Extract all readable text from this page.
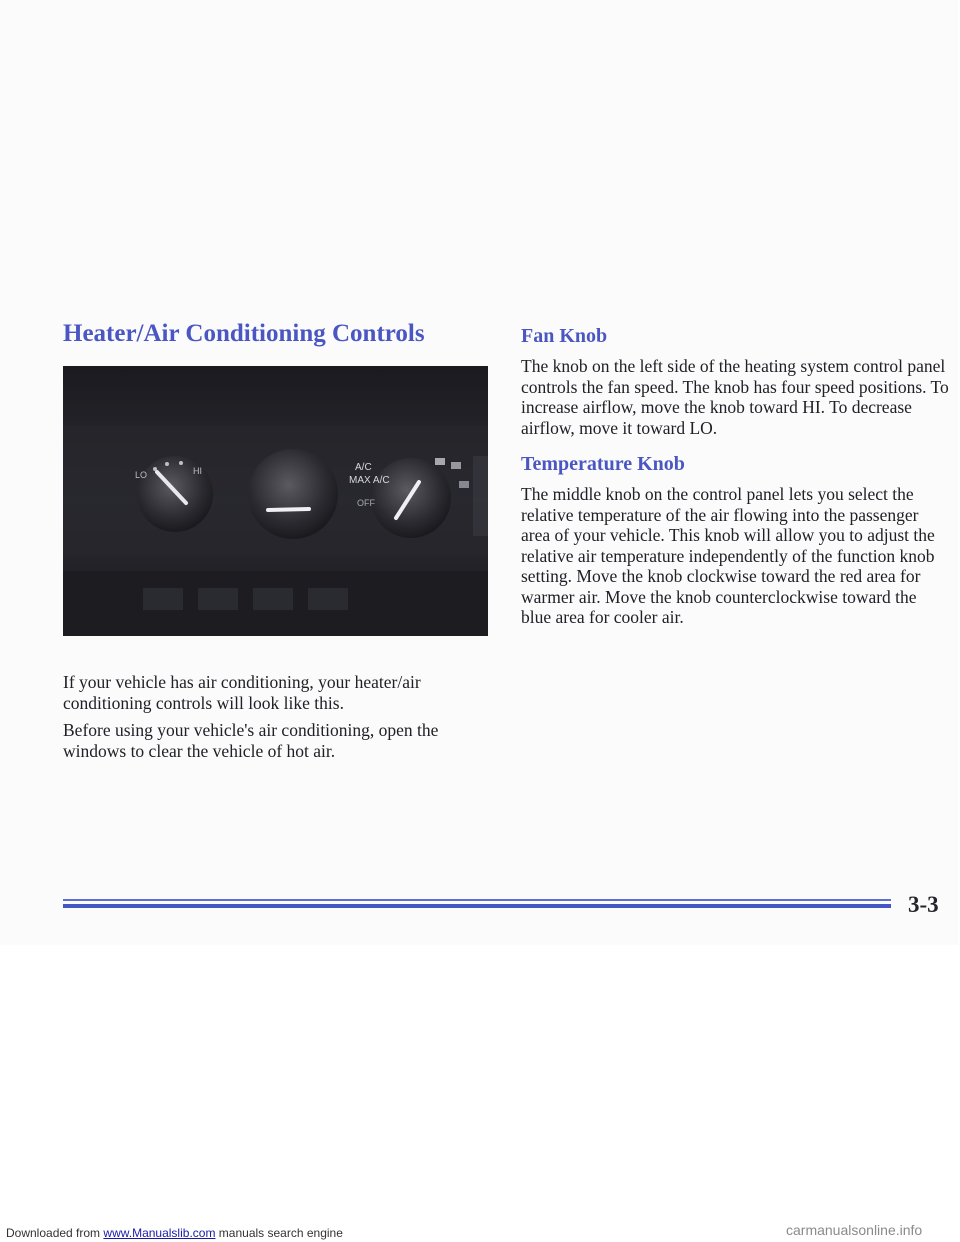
Heater/Air Conditioning Controls
LO	HI	A/C
MAX A/C
OFF

If your vehicle has air conditioning, your heater/air conditioning controls will look like this.

Before using your vehicle's air conditioning, open the windows to clear the vehicle of hot air.

Fan Knob

The knob on the left side of the heating system control panel controls the fan speed. The knob has four speed positions. To increase airflow, move the knob toward HI. To decrease airflow, move it toward LO.

Temperature Knob

The middle knob on the control panel lets you select the relative temperature of the air flowing into the passenger area of your vehicle. This knob will allow you to adjust the relative air temperature independently of the function knob setting. Move the knob clockwise toward the red area for warmer air. Move the knob counterclockwise toward the blue area for cooler air.

3-3
Downloaded from www.Manualslib.com manuals search engine	carmanualsonline.info
